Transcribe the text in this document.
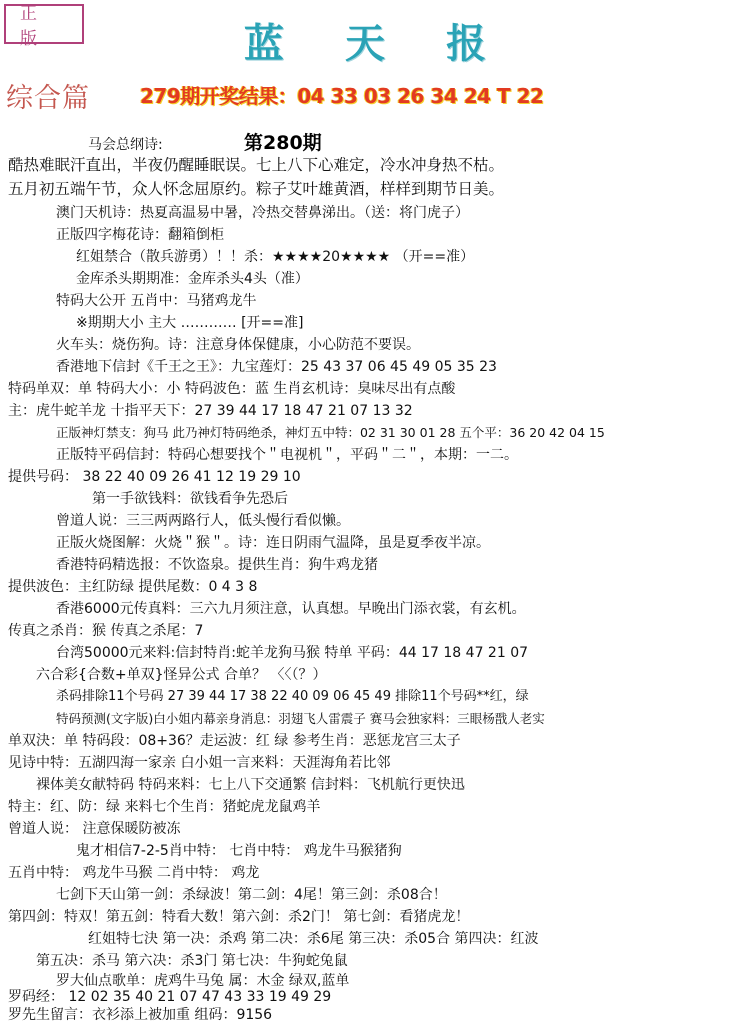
正 版	蓝 天 报
综合篇	279期开奖结果：04 33 03 26 34 24 T 22
第280期
马会总纲诗:
酷热难眠汗直出，半夜仍醒睡眠误。七上八下心难定，冷水冲身热不枯。
五月初五端午节，众人怀念屈原约。粽子艾叶雄黄酒，样样到期节日美。
澳门天机诗：热夏高温易中暑，冷热交替鼻涕出。（送：将门虎子）
正版四字梅花诗：翻箱倒柜
红姐禁合（散兵游勇）！！杀：★★★★20★★★★ （开==准）
金库杀头期期准：金库杀头4头（准）
特码大公开 五肖中：马猪鸡龙牛
※期期大小 主大 ………… [开==准]
火车头：烧伤狗。诗：注意身体保健康，小心防范不要误。
香港地下信封《千王之王》：九宝莲灯：25 43 37 06 45 49 05 35 23
特码单双：单 特码大小：小 特码波色：蓝 生肖玄机诗：臭味尽出有点酸
主：虎牛蛇羊龙 十指平天下：27 39 44 17 18 47 21 07 13 32
正版神灯禁支：狗马 此乃神灯特码绝杀，神灯五中特：02 31 30 01 28 五个平：36 20 42 04 15
正版特平码信封：特码心想要找个＂电视机＂，平码＂二＂，本期：一二。
提供号码： 38 22 40 09 26 41 12 19 29 10
第一手欲钱料：欲钱看争先恐后
曾道人说：三三两两路行人，低头慢行看似懒。
正版火烧图解：火烧＂猴＂。诗：连日阴雨气温降，虽是夏季夜半凉。
香港特码精选报：不饮盗泉。提供生肖：狗牛鸡龙猪
提供波色：主红防绿 提供尾数：0 4 3 8
香港6000元传真料：三六九月须注意，认真想。早晚出门添衣裳，有玄机。
传真之杀肖：猴 传真之杀尾：7
台湾50000元来料:信封特肖:蛇羊龙狗马猴 特单 平码：44 17 18 47 21 07
六合彩{合数+单双}怪异公式 合单？ 〈〈（？）
杀码排除11个号码 27 39 44 17 38 22 40 09 06 45 49 排除11个号码**红，绿
特码预测(文字版)白小姐内幕亲身消息：羽翅飞人雷震子 赛马会独家料：三眼杨戬人老实
单双決：单 特码段：08+36？走运波：红 绿 参考生肖：恶惩龙宫三太子
见诗中特：五湖四海一家亲 白小姐一言来料：天涯海角若比邻
裸体美女献特码 特码来料：七上八下交通繁 信封料：飞机航行更快迅
特主：红、防：绿 来料七个生肖：猪蛇虎龙鼠鸡羊
曾道人说： 注意保暖防被冻
鬼才相信7-2-5肖中特： 七肖中特： 鸡龙牛马猴猪狗
五肖中特： 鸡龙牛马猴 二肖中特： 鸡龙
七剑下天山第一剑：杀绿波！第二剑：4尾！第三剑：杀08合！
第四剑：特双！第五剑：特看大数！第六剑：杀2门！ 第七剑：看猪虎龙！
红姐特七決 第一决：杀鸡 第二决：杀6尾 第三决：杀05合 第四决：红波
第五决：杀马 第六决：杀3门 第七决：牛狗蛇兔鼠
罗大仙点歌单：虎鸡牛马兔 属：木金 绿双,蓝单
罗码经： 12 02 35 40 21 07 47 43 33 19 49 29
罗先生留言：衣衫添上被加重 组码：9156
